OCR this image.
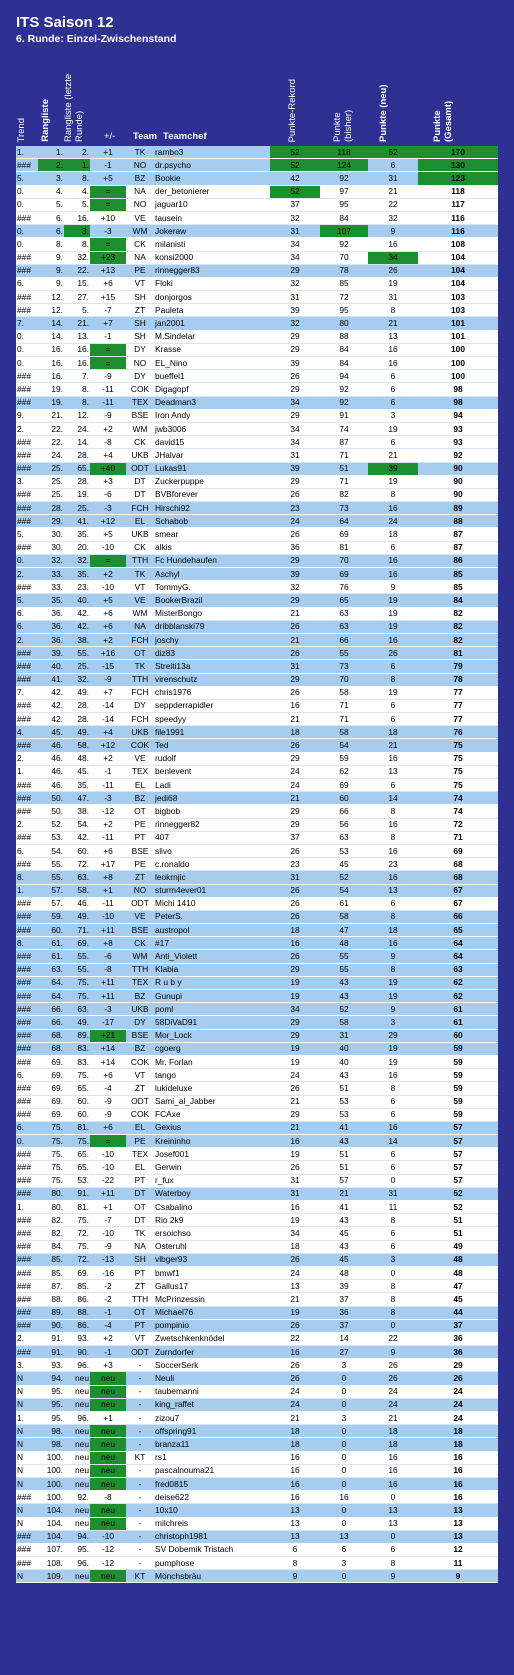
ITS Saison 12
6. Runde: Einzel-Zwischenstand
Trend Rangliste Rangliste (letzte Runde) +/- Team Teamchef	Punkte-Rekord	Punkte (bisher)	Punkte (neu)	Punkte (Gesamt)
1.	1.	2.	+1	TK	rambo3	52	118	52	170
###	2.	1.	-1	NO	dr.psycho	52	124	6	130
5.	3.	8.	+5	BZ	Bookie	42	92	31	123
0.	4.	4.	=	NA	der_betonierer	52	97	21	118
0.	5.	5.	=	NO	jaguar10	37	95	22	117
###	6.	16.	+10	VE	tausein	32	84	32	116
0.	6.	3.	-3	WM	Jokeraw	31	107	9	116
0.	8.	8.	=	CK	milanisti	34	92	16	108
###	9.	32.	+23	NA	konsi2000	34	70	34	104
###	9.	22.	+13	PE	rinnegger83	29	78	26	104
6.	9.	15.	+6	VT	Floki	32	85	19	104
###	12.	27.	+15	SH	donjorgos	31	72	31	103
###	12.	5.	-7	ZT	Pauleta	39	95	8	103
7.	14.	21.	+7	SH	jan2001	32	80	21	101
0.	14.	13.	-1	SH	M.Sindelar	29	88	13	101
0.	16.	16.	=	DY	Krasse	29	84	16	100
0.	16.	16.	=	NO	EL_Nino	39	84	16	100
###	16.	7.	-9	DY	bueffel1	26	94	6	100
###	19.	8.	-11	COK	Digagopf	29	92	6	98
###	19.	8.	-11	TEX	Deadman3	34	92	6	98
9.	21.	12.	-9	BSE	Iron Andy	29	91	3	94
2.	22.	24.	+2	WM	jwb3006	34	74	19	93
###	22.	14.	-8	CK	david15	34	87	6	93
###	24.	28.	+4	UKB	JHalvar	31	71	21	92
###	25.	65.	+40	ODT	Lukas91	39	51	39	90
3.	25.	28.	+3	DT	Zuckerpuppe	29	71	19	90
###	25.	19.	-6	DT	BVBforever	26	82	8	90
###	28.	25.	-3	FCH	Hirschi92	23	73	16	89
###	29.	41.	+12	EL	Schabob	24	64	24	88
5.	30.	35.	+5	UKB	smear	26	69	18	87
###	30.	20.	-10	CK	alkis	36	81	6	87
0.	32.	32.	=	TTH	Fc Hundehaufen	29	70	16	86
2.	33.	35.	+2	TK	Aschyl	39	69	16	85
###	33.	23.	-10	VT	TommyG.	32	76	9	85
5.	35.	40.	+5	VE	BookerBrazil	29	65	19	84
6.	36.	42.	+6	WM	MisterBongo	21	63	19	82
6.	36.	42.	+6	NA	dribblanski79	26	63	19	82
2.	36.	38.	+2	FCH	joschy	21	66	16	82
###	39.	55.	+16	OT	diz83	26	55	26	81
###	40.	25.	-15	TK	Streiti13a	31	73	6	79
###	41.	32.	-9	TTH	virenschutz	29	70	8	78
7.	42.	49.	+7	FCH	chris1976	26	58	19	77
###	42.	28.	-14	DY	seppderrapidler	16	71	6	77
###	42.	28.	-14	FCH	speedyy	21	71	6	77
4.	45.	49.	+4	UKB	file1991	18	58	18	76
###	46.	58.	+12	COK	Ted	26	54	21	75
2.	46.	48.	+2	VE	rudolf	29	59	16	75
1.	46.	45.	-1	TEX	benlevent	24	62	13	75
###	46.	35.	-11	EL	Ladi	24	69	6	75
###	50.	47.	-3	BZ	jedi68	21	60	14	74
###	50.	38.	-12	OT	bigbob	29	66	8	74
2.	52.	54.	+2	PE	rinnegger82	29	56	16	72
###	53.	42.	-11	PT	407	37	63	8	71
6.	54.	60.	+6	BSE	slivo	26	53	16	69
###	55.	72.	+17	PE	c.ronaldo	23	45	23	68
8.	55.	63.	+8	ZT	leokrnjic	31	52	16	68
1.	57.	58.	+1	NO	sturm4ever01	26	54	13	67
###	57.	46.	-11	ODT	Michi 1410	26	61	6	67
###	59.	49.	-10	VE	PeterS.	26	58	8	66
###	60.	71.	+11	BSE	austropol	18	47	18	65
8.	61.	69.	+8	CK	#17	16	48	16	64
###	61.	55.	-6	WM	Anti_Violett	26	55	9	64
###	63.	55.	-8	TTH	Klabia	29	55	8	63
###	64.	75.	+11	TEX	R u b y	19	43	19	62
###	64.	75.	+11	BZ	Gunupi	19	43	19	62
###	66.	63.	-3	UKB	poml	34	52	9	61
###	66.	49.	-17	DY	58DiVaD91	29	58	3	61
###	68.	89.	+21	BSE	Mor_Lock	29	31	29	60
###	68.	83.	+14	BZ	cgoerg	19	40	19	59
###	69.	83.	+14	COK	Mr. Forlan	19	40	19	59
6.	69.	75.	+6	VT	tango	24	43	16	59
###	69.	65.	-4	ZT	lukideluxe	26	51	8	59
###	69.	60.	-9	ODT	Sami_al_Jabber	21	53	6	59
###	69.	60.	-9	COK	FCAxe	29	53	6	59
6.	75.	81.	+6	EL	Gexius	21	41	16	57
0.	75.	75.	=	PE	Kreininho	16	43	14	57
###	75.	65.	-10	TEX	Josef001	19	51	6	57
###	75.	65.	-10	EL	Gerwin	26	51	6	57
###	75.	53.	-22	PT	r_fux	31	57	0	57
###	80.	91.	+11	DT	Waterboy	31	21	31	52
1.	80.	81.	+1	OT	Csabalino	16	41	11	52
###	82.	75.	-7	DT	Rio 2k9	19	43	8	51
###	82.	72.	-10	TK	ersoichso	34	45	6	51
###	84.	75.	-9	NA	Osteruhl	18	43	6	49
###	85.	72.	-13	SH	vlbger93	26	45	3	48
###	85.	69.	-16	PT	bmwf1	24	48	0	48
###	87.	85.	-2	ZT	Gallus17	13	39	8	47
###	88.	86.	-2	TTH	McPrinzessin	21	37	8	45
###	89.	88.	-1	OT	Michael76	19	36	8	44
###	90.	86.	-4	PT	pompinio	26	37	0	37
2.	91.	93.	+2	VT	Zwetschkenknödel	22	14	22	36
###	91.	90.	-1	ODT	Zurndorfer	16	27	9	36
3.	93.	96.	+3	-	SoccerSerk	26	3	26	29
N	94.	neu	neu	-	Neuli	26	0	26	26
N	95.	neu	neu	-	taubemanni	24	0	24	24
N	95.	neu	neu	-	king_raffet	24	0	24	24
1.	95.	96.	+1	-	zizou7	21	3	21	24
N	98.	neu	neu	-	offspring91	18	0	18	18
N	98.	neu	neu	-	branza11	18	0	18	18
N	100.	neu	neu	KT	rs1	16	0	16	16
N	100.	neu	neu	-	pascalnouma21	16	0	16	16
N	100.	neu	neu	-	fred0815	16	0	16	16
###	100.	92.	-8	-	deise622	16	16	0	16
N	104.	neu	neu	-	10x10	13	0	13	13
N	104.	neu	neu	-	milchreis	13	0	13	13
###	104.	94.	-10	-	christoph1981	13	13	0	13
###	107.	95.	-12	-	SV Dobemik Tristach	6	6	6	12
###	108.	96.	-12	-	pumphose	8	3	8	11
N	109.	neu	neu	KT	Mönchsbräu	9	0	9	9
